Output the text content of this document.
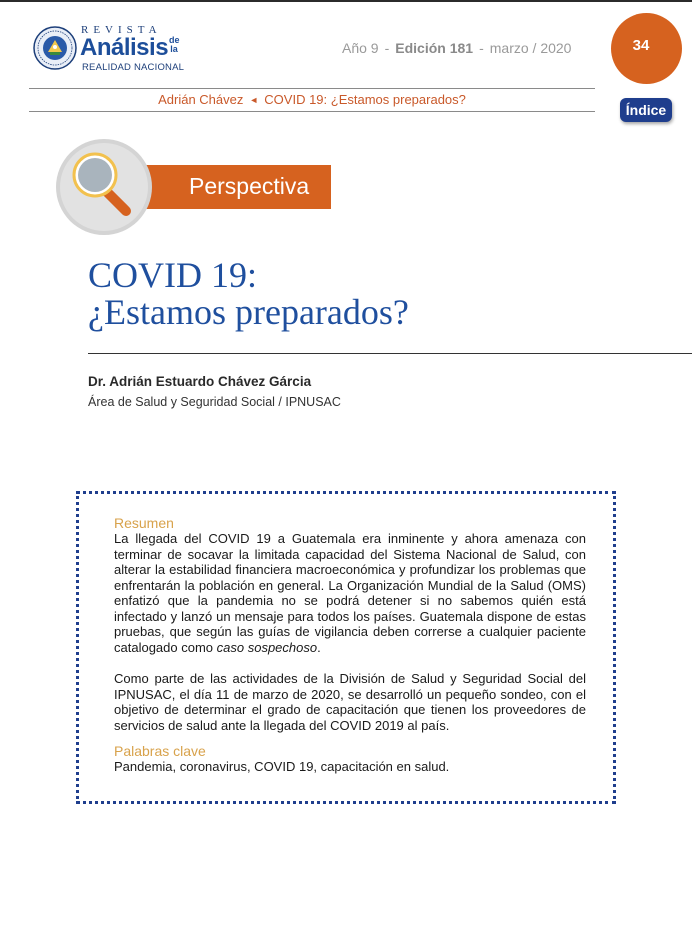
REVISTA
Análisis de la
REALIDAD NACIONAL
Año 9 - Edición 181 - marzo / 2020	34
Adrián Chávez ◄ COVID 19: ¿Estamos preparados?
Índice
Perspectiva
COVID 19:
¿Estamos preparados?
Dr. Adrián Estuardo Chávez Gárcia
Área de Salud y Seguridad Social / IPNUSAC
Resumen

La llegada del COVID 19 a Guatemala era inminente y ahora amenaza con terminar de socavar la limitada capacidad del Sistema Nacional de Salud, con alterar la estabilidad financiera macroeconómica y profundizar los problemas que enfrentarán la población en general. La Organización Mundial de la Salud (OMS) enfatizó que la pandemia no se podrá detener si no sabemos quién está infectado y lanzó un mensaje para todos los países. Guatemala dispone de estas pruebas, que según las guías de vigilancia deben correrse a cualquier paciente catalogado como caso sospechoso.

Como parte de las actividades de la División de Salud y Seguridad Social del IPNUSAC, el día 11 de marzo de 2020, se desarrolló un pequeño sondeo, con el objetivo de determinar el grado de capacitación que tienen los proveedores de servicios de salud ante la llegada del COVID 2019 al país.

Palabras clave

Pandemia, coronavirus, COVID 19, capacitación en salud.
